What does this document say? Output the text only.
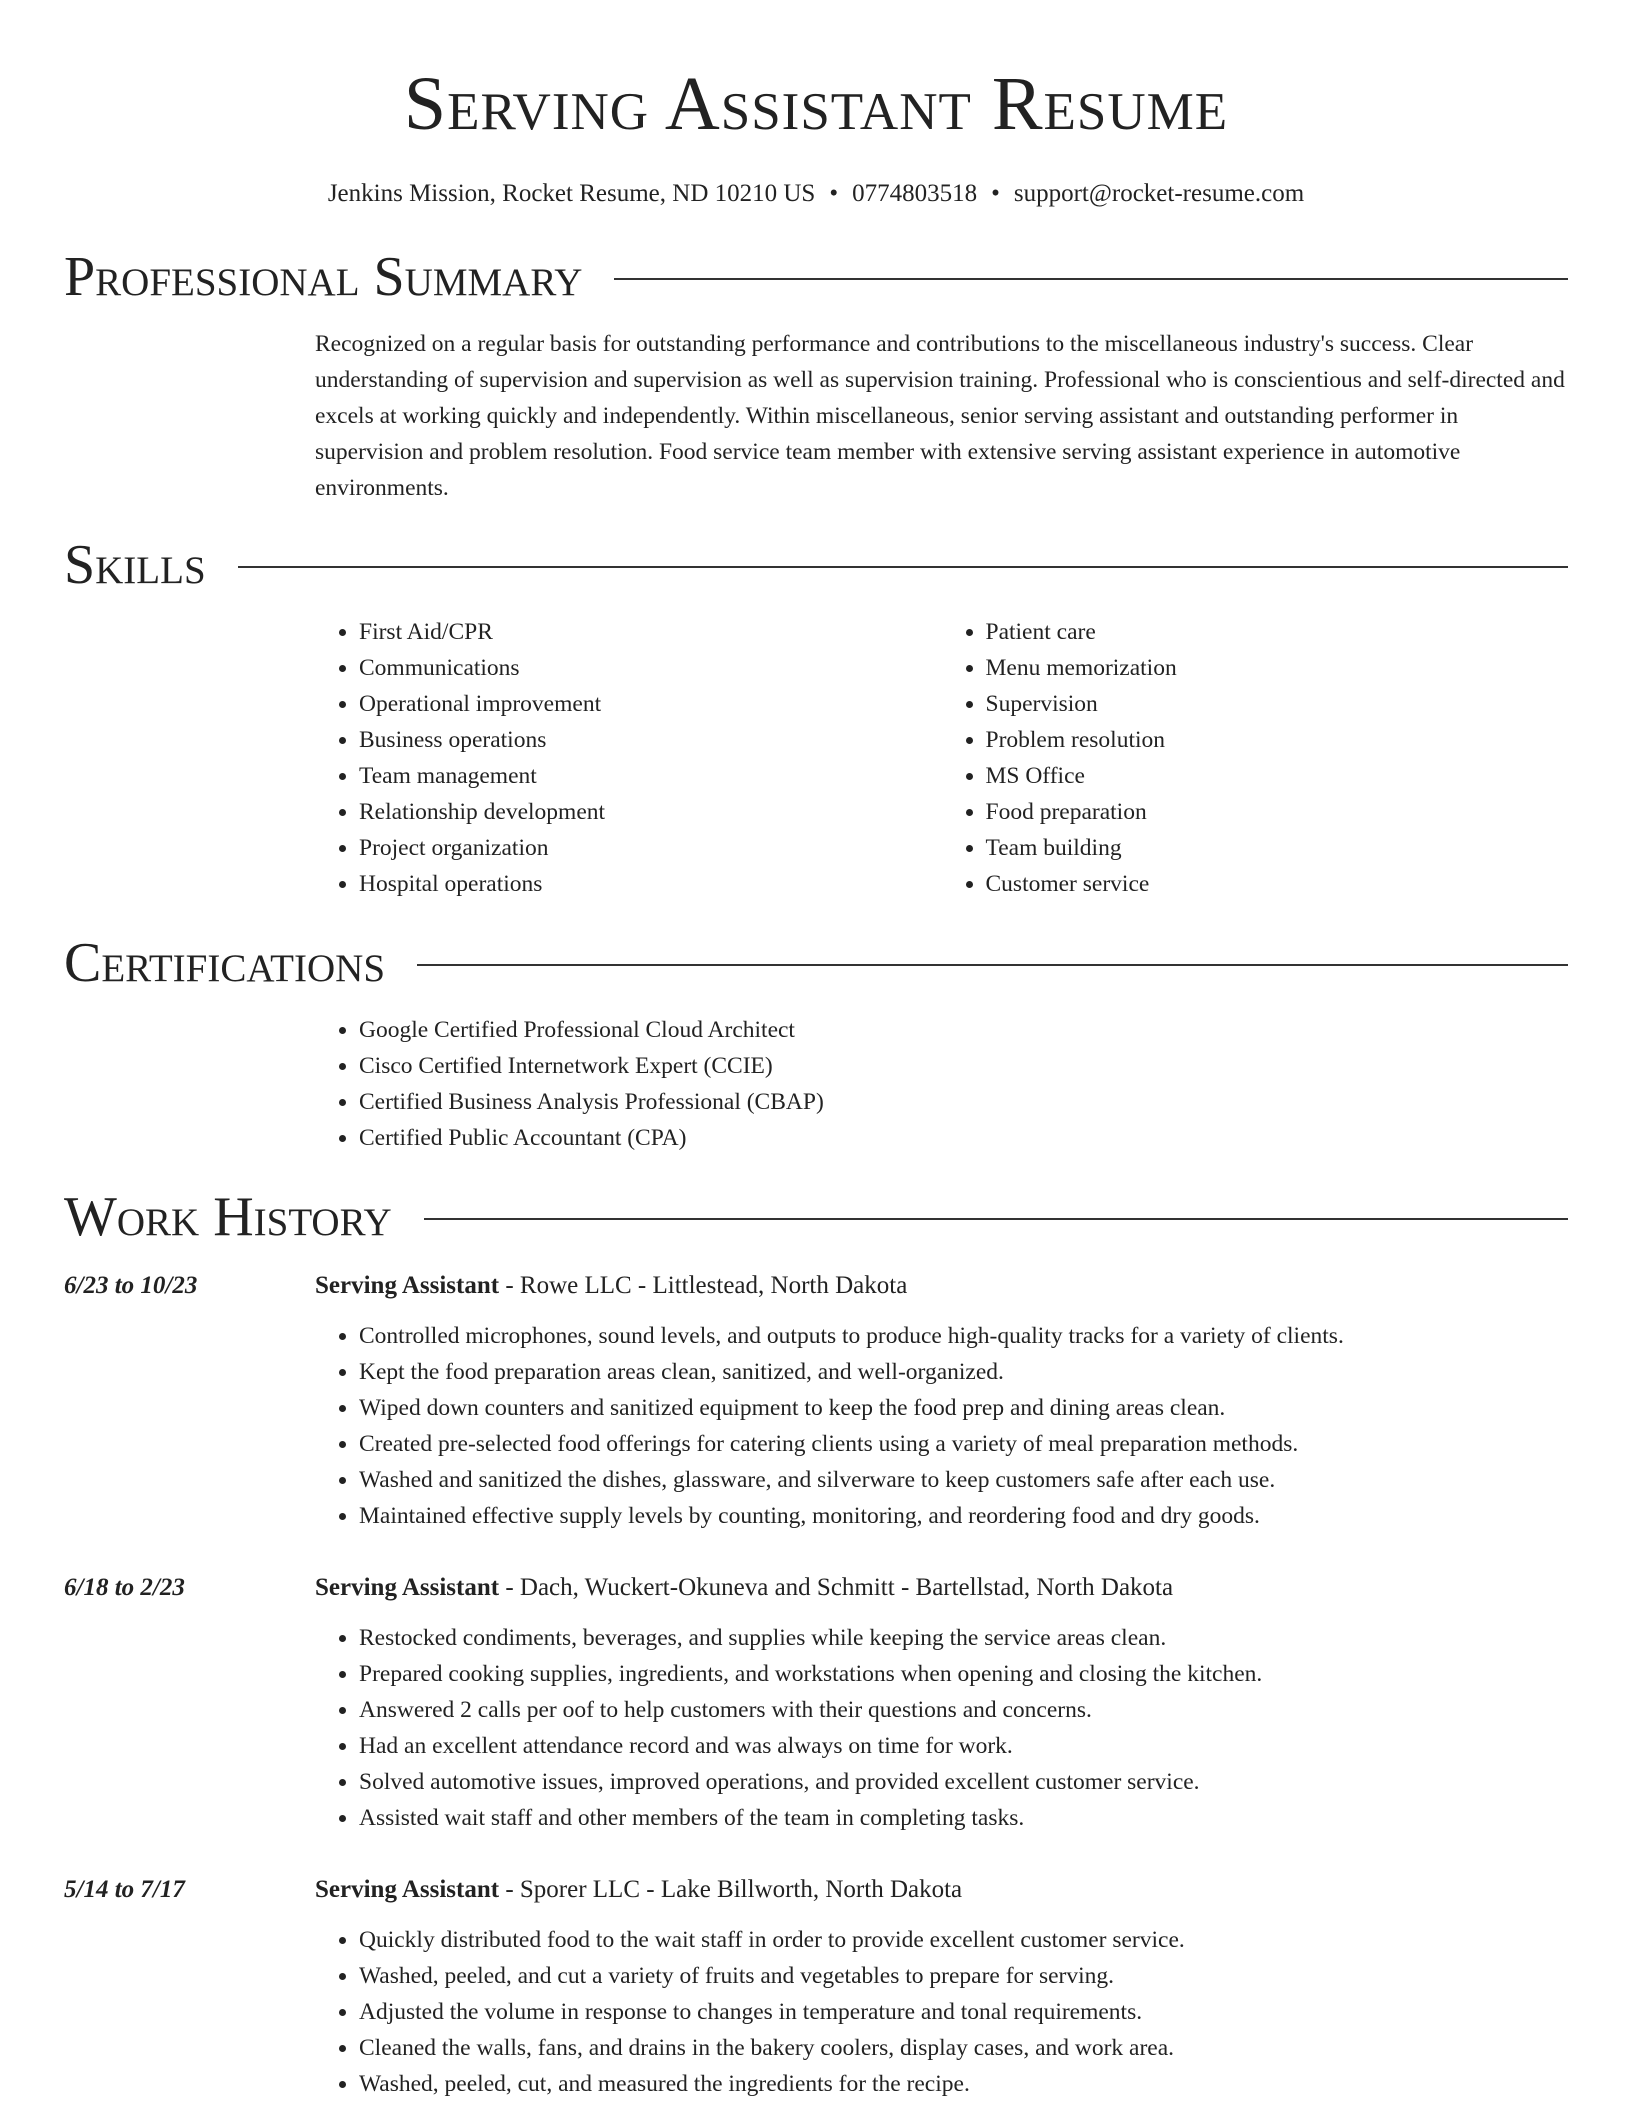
Serving Assistant Resume
Jenkins Mission, Rocket Resume, ND 10210 US • 0774803518 • support@rocket-resume.com
Professional Summary
Recognized on a regular basis for outstanding performance and contributions to the miscellaneous industry's success. Clear understanding of supervision and supervision as well as supervision training. Professional who is conscientious and self-directed and excels at working quickly and independently. Within miscellaneous, senior serving assistant and outstanding performer in supervision and problem resolution. Food service team member with extensive serving assistant experience in automotive environments.
Skills
• First Aid/CPR
• Communications
• Operational improvement
• Business operations
• Team management
• Relationship development
• Project organization
• Hospital operations
• Patient care
• Menu memorization
• Supervision
• Problem resolution
• MS Office
• Food preparation
• Team building
• Customer service
Certifications
• Google Certified Professional Cloud Architect
• Cisco Certified Internetwork Expert (CCIE)
• Certified Business Analysis Professional (CBAP)
• Certified Public Accountant (CPA)
Work History
6/23 to 10/23	Serving Assistant - Rowe LLC - Littlestead, North Dakota
• Controlled microphones, sound levels, and outputs to produce high-quality tracks for a variety of clients.
• Kept the food preparation areas clean, sanitized, and well-organized.
• Wiped down counters and sanitized equipment to keep the food prep and dining areas clean.
• Created pre-selected food offerings for catering clients using a variety of meal preparation methods.
• Washed and sanitized the dishes, glassware, and silverware to keep customers safe after each use.
• Maintained effective supply levels by counting, monitoring, and reordering food and dry goods.
6/18 to 2/23	Serving Assistant - Dach, Wuckert-Okuneva and Schmitt - Bartellstad, North Dakota
• Restocked condiments, beverages, and supplies while keeping the service areas clean.
• Prepared cooking supplies, ingredients, and workstations when opening and closing the kitchen.
• Answered 2 calls per oof to help customers with their questions and concerns.
• Had an excellent attendance record and was always on time for work.
• Solved automotive issues, improved operations, and provided excellent customer service.
• Assisted wait staff and other members of the team in completing tasks.
5/14 to 7/17	Serving Assistant - Sporer LLC - Lake Billworth, North Dakota
• Quickly distributed food to the wait staff in order to provide excellent customer service.
• Washed, peeled, and cut a variety of fruits and vegetables to prepare for serving.
• Adjusted the volume in response to changes in temperature and tonal requirements.
• Cleaned the walls, fans, and drains in the bakery coolers, display cases, and work area.
• Washed, peeled, cut, and measured the ingredients for the recipe.
